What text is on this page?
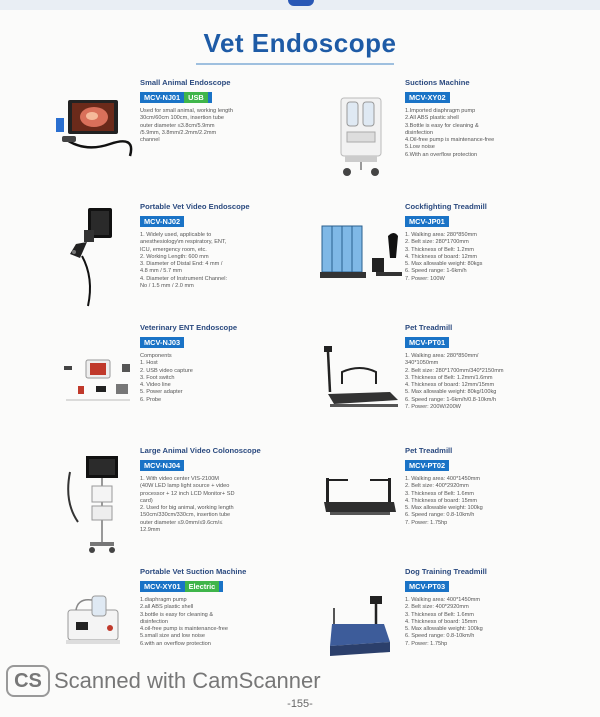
Vet Endoscope
Small Animal Endoscope
MCV-NJ01 USB
Used for small animal, working length
30cm/60cm 100cm, insertion tube
outer diameter ≤3.8cm/5.9mm
/5.9mm, 3.8mm/2.2mm/2.2mm
channel
Suctions Machine
MCV-XY02
1.Imported diaphragm pump
2.All ABS plastic shell
3.Bottle is easy for cleaning &
disinfection
4.Oil-free pump is maintenance-free
5.Low noise
6.With an overflow protection
Portable Vet Video Endoscope
MCV-NJ02
1. Widely used, applicable to
anesthesiology\m respiratory, ENT,
ICU, emergency room, etc.
2. Working Length: 600 mm
3. Diameter of Distal End: 4 mm /
4.8 mm / 5.7 mm
4. Diameter of Instrument Channel:
No / 1.5 mm / 2.0 mm
Cockfighting Treadmill
MCV-JP01
1. Walking area: 280*850mm
2. Belt size: 280*1700mm
3. Thickness of Belt: 1.2mm
4. Thickness of board: 12mm
5. Max allowable weight: 80kgs
6. Speed range: 1-6km/h
7. Power: 100W
Veterinary ENT Endoscope
MCV-NJ03
Components
1. Host
2. USB video capture
3. Foot switch
4. Video line
5. Power adapter
6. Probe
Pet Treadmill
MCV-PT01
1. Walking area: 280*850mm/
340*1050mm
2. Belt size: 280*1700mm/340*2150mm
3. Thickness of Belt: 1.2mm/1.6mm
4. Thickness of board: 12mm/15mm
5. Max allowable weight: 80kg/100kg
6. Speed range: 1-6km/h/0.8-10km/h
7. Power: 200W/200W
Large Animal Video Colonoscope
MCV-NJ04
1. With video center VIS-2100M
(40W LED lamp light source + video
processor + 12 inch LCD Monitor+ SD
card)
2. Used for big animal, working length
150cm/330cm/330cm, insertion tube
outer diameter ≤9.0mm/≤9.6cm/≤
12.9mm
Pet Treadmill
MCV-PT02
1. Walking area: 400*1450mm
2. Belt size: 400*2920mm
3. Thickness of Belt: 1.6mm
4. Thickness of board: 15mm
5. Max allowable weight: 100kg
6. Speed range: 0.8-10km/h
7. Power: 1.75hp
Portable Vet Suction Machine
MCV-XY01 Electric
1.diaphragm pump
2.all ABS plastic shell
3.bottle is easy for cleaning &
disinfection
4.oil-free pump is maintenance-free
5.small size and low noise
6.with an overflow protection
Dog Training Treadmill
MCV-PT03
1. Walking area: 400*1450mm
2. Belt size: 400*2920mm
3. Thickness of Belt: 1.6mm
4. Thickness of board: 15mm
5. Max allowable weight: 100kg
6. Speed range: 0.8-10km/h
7. Power: 1.75hp
CS Scanned with CamScanner
-155-
